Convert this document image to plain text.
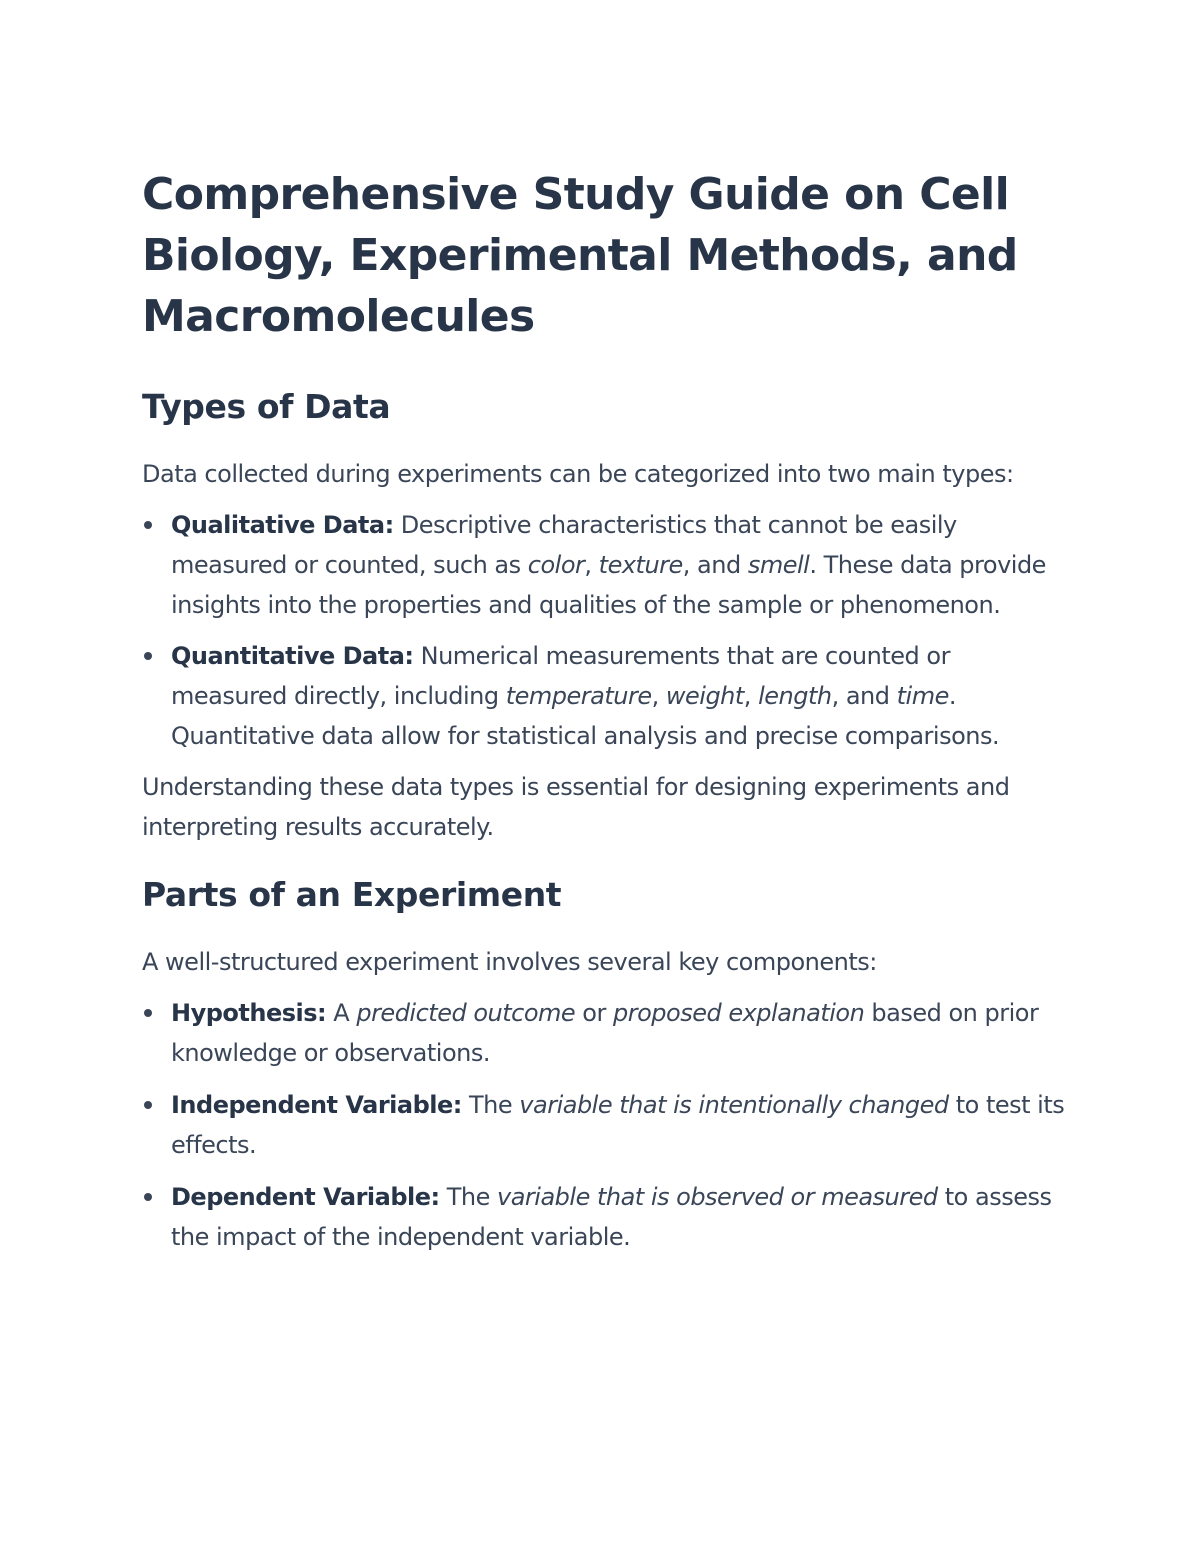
Comprehensive Study Guide on Cell Biology, Experimental Methods, and Macromolecules
Types of Data

Data collected during experiments can be categorized into two main types:

Qualitative Data: Descriptive characteristics that cannot be easily measured or counted, such as color, texture, and smell. These data provide insights into the properties and qualities of the sample or phenomenon.
Quantitative Data: Numerical measurements that are counted or measured directly, including temperature, weight, length, and time. Quantitative data allow for statistical analysis and precise comparisons.

Understanding these data types is essential for designing experiments and interpreting results accurately.

Parts of an Experiment

A well-structured experiment involves several key components:

Hypothesis: A predicted outcome or proposed explanation based on prior knowledge or observations.
Independent Variable: The variable that is intentionally changed to test its effects.
Dependent Variable: The variable that is observed or measured to assess the impact of the independent variable.
